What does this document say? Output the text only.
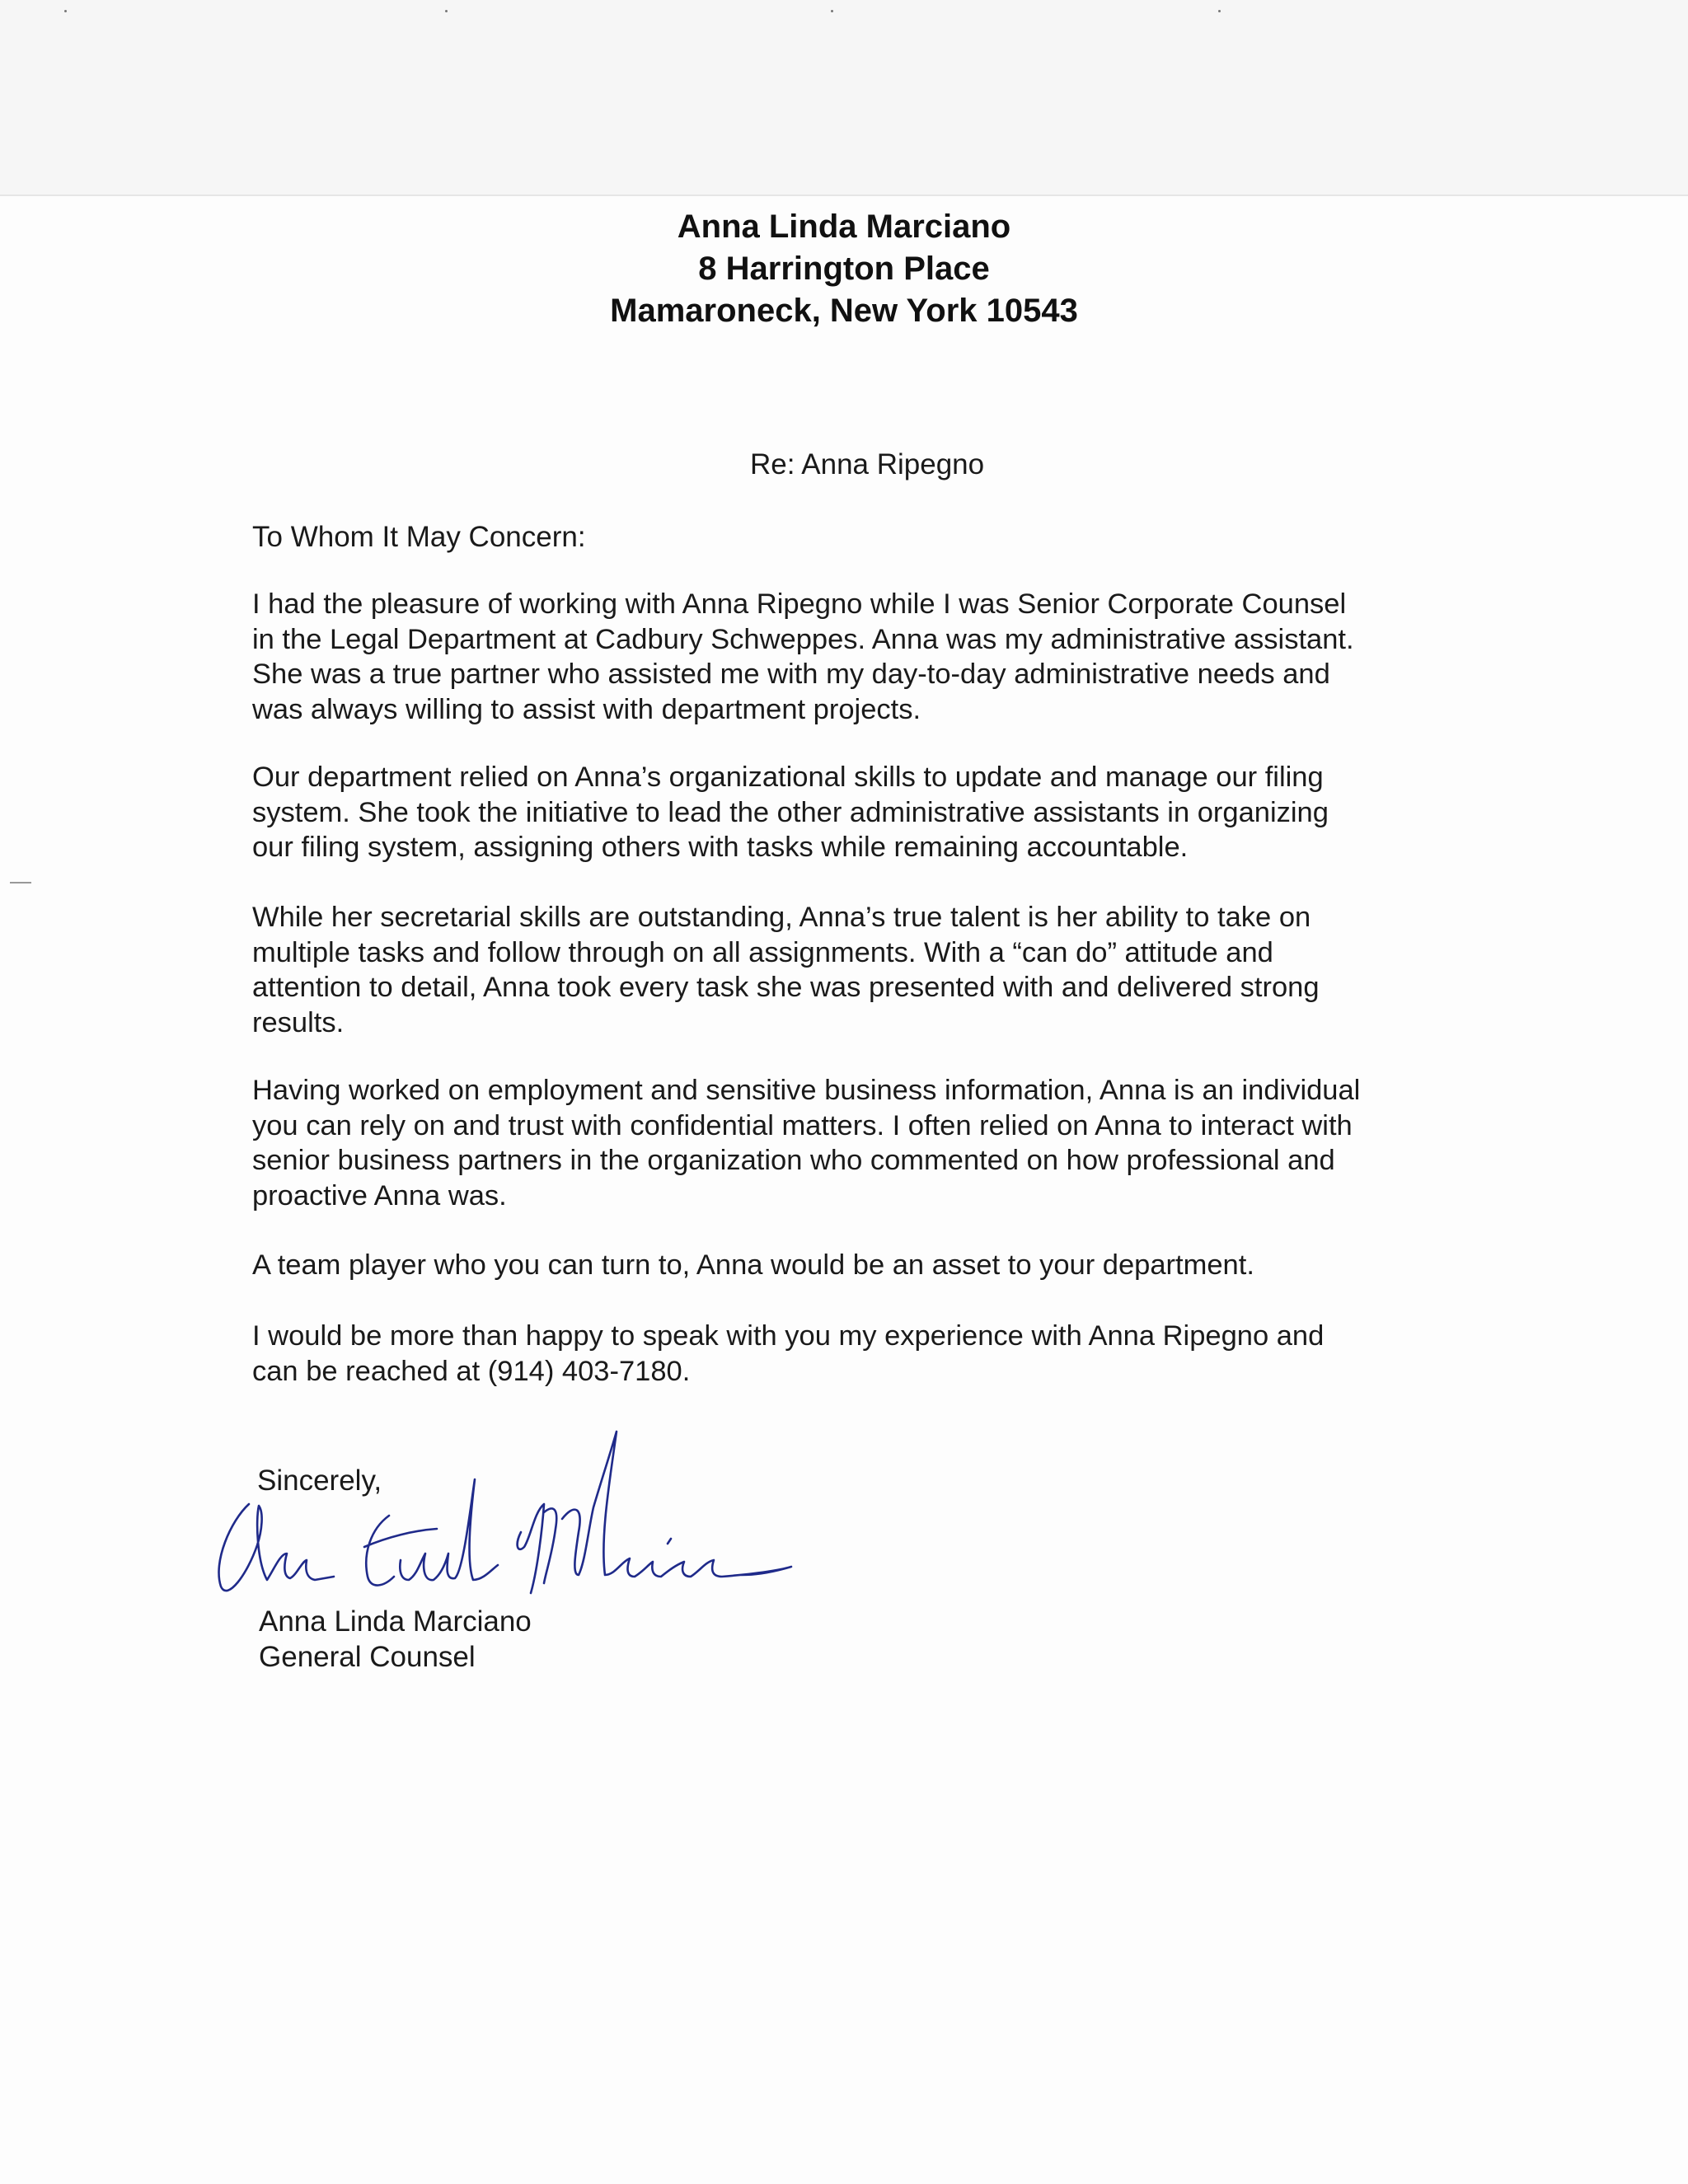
Anna Linda Marciano
8 Harrington Place
Mamaroneck, New York 10543
Re: Anna Ripegno
To Whom It May Concern:
I had the pleasure of working with Anna Ripegno while I was Senior Corporate Counsel
in the Legal Department at Cadbury Schweppes. Anna was my administrative assistant.
She was a true partner who assisted me with my day-to-day administrative needs and
was always willing to assist with department projects.
Our department relied on Anna’s organizational skills to update and manage our filing
system. She took the initiative to lead the other administrative assistants in organizing
our filing system, assigning others with tasks while remaining accountable.
While her secretarial skills are outstanding, Anna’s true talent is her ability to take on
multiple tasks and follow through on all assignments. With a “can do” attitude and
attention to detail, Anna took every task she was presented with and delivered strong
results.
Having worked on employment and sensitive business information, Anna is an individual
you can rely on and trust with confidential matters. I often relied on Anna to interact with
senior business partners in the organization who commented on how professional and
proactive Anna was.
A team player who you can turn to, Anna would be an asset to your department.
I would be more than happy to speak with you my experience with Anna Ripegno and
can be reached at (914) 403-7180.
Sincerely,
Anna Linda Marciano
General Counsel
